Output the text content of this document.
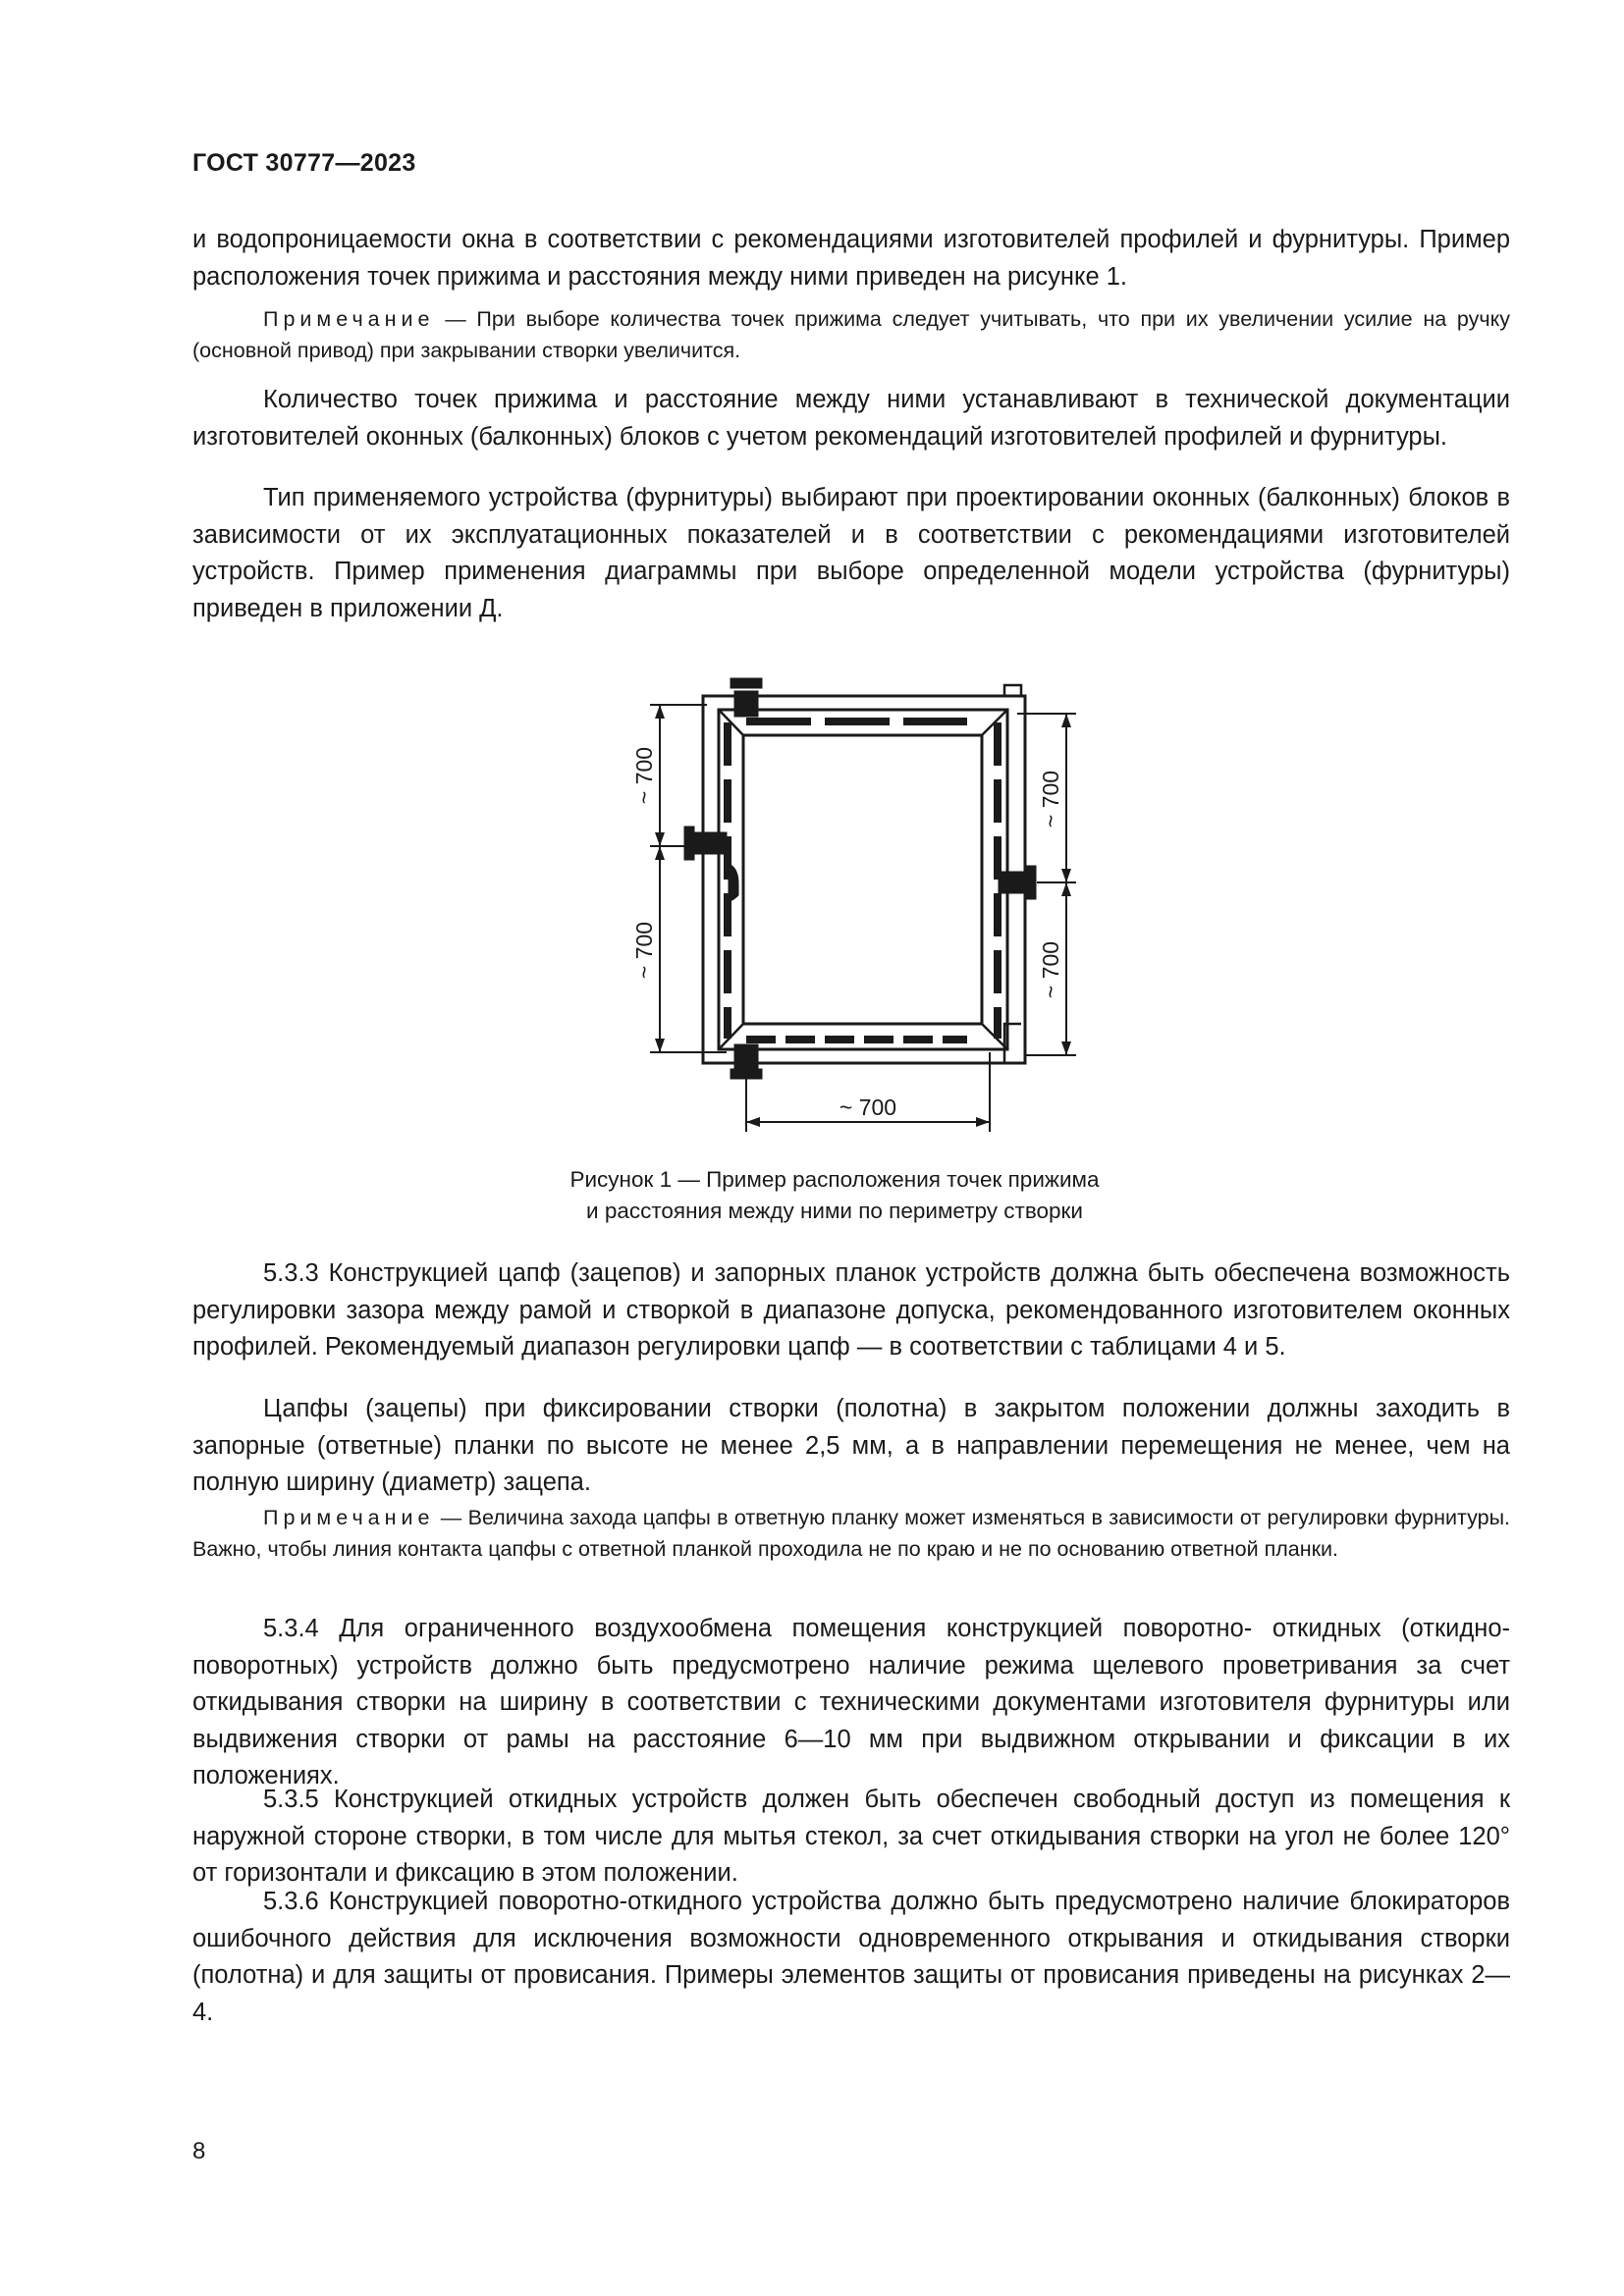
ГОСТ 30777—2023

и водопроницаемости окна в соответствии с рекомендациями изготовителей профилей и фурнитуры. Пример расположения точек прижима и расстояния между ними приведен на рисунке 1.

Примечание — При выборе количества точек прижима следует учитывать, что при их увеличении усилие на ручку (основной привод) при закрывании створки увеличится.

Количество точек прижима и расстояние между ними устанавливают в технической документации изготовителей оконных (балконных) блоков с учетом рекомендаций изготовителей профилей и фурнитуры.

Тип применяемого устройства (фурнитуры) выбирают при проектировании оконных (балконных) блоков в зависимости от их эксплуатационных показателей и в соответствии с рекомендациями изготовителей устройств. Пример применения диаграммы при выборе определенной модели устройства (фурнитуры) приведен в приложении Д.

~ 700
~ 700
~ 700
~ 700
~ 700
Рисунок 1 — Пример расположения точек прижима
и расстояния между ними по периметру створки

5.3.3 Конструкцией цапф (зацепов) и запорных планок устройств должна быть обеспечена возможность регулировки зазора между рамой и створкой в диапазоне допуска, рекомендованного изготовителем оконных профилей. Рекомендуемый диапазон регулировки цапф — в соответствии с таблицами 4 и 5.

Цапфы (зацепы) при фиксировании створки (полотна) в закрытом положении должны заходить в запорные (ответные) планки по высоте не менее 2,5 мм, а в направлении перемещения не менее, чем на полную ширину (диаметр) зацепа.

Примечание — Величина захода цапфы в ответную планку может изменяться в зависимости от регулировки фурнитуры. Важно, чтобы линия контакта цапфы с ответной планкой проходила не по краю и не по основанию ответной планки.

5.3.4 Для ограниченного воздухообмена помещения конструкцией поворотно- откидных (откидно-поворотных) устройств должно быть предусмотрено наличие режима щелевого проветривания за счет откидывания створки на ширину в соответствии с техническими документами изготовителя фурнитуры или выдвижения створки от рамы на расстояние 6—10 мм при выдвижном открывании и фиксации в их положениях.

5.3.5 Конструкцией откидных устройств должен быть обеспечен свободный доступ из помещения к наружной стороне створки, в том числе для мытья стекол, за счет откидывания створки на угол не более 120° от горизонтали и фиксацию в этом положении.

5.3.6 Конструкцией поворотно-откидного устройства должно быть предусмотрено наличие блокираторов ошибочного действия для исключения возможности одновременного открывания и откидывания створки (полотна) и для защиты от провисания. Примеры элементов защиты от провисания приведены на рисунках 2—4.

8
